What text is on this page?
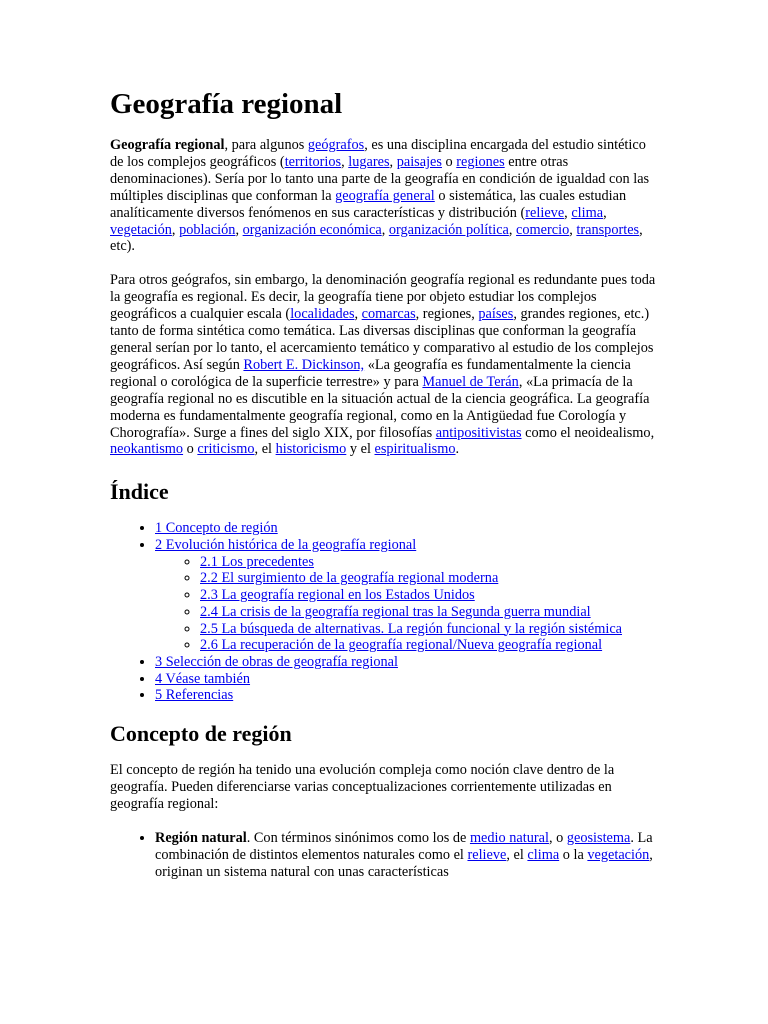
Geografía regional

Geografía regional, para algunos geógrafos, es una disciplina encargada del estudio sintético de los complejos geográficos (territorios, lugares, paisajes o regiones entre otras denominaciones). Sería por lo tanto una parte de la geografía en condición de igualdad con las múltiples disciplinas que conforman la geografía general o sistemática, las cuales estudian analíticamente diversos fenómenos en sus características y distribución (relieve, clima, vegetación, población, organización económica, organización política, comercio, transportes, etc).

Para otros geógrafos, sin embargo, la denominación geografía regional es redundante pues toda la geografía es regional. Es decir, la geografía tiene por objeto estudiar los complejos geográficos a cualquier escala (localidades, comarcas, regiones, países, grandes regiones, etc.) tanto de forma sintética como temática. Las diversas disciplinas que conforman la geografía general serían por lo tanto, el acercamiento temático y comparativo al estudio de los complejos geográficos. Así según Robert E. Dickinson, «La geografía es fundamentalmente la ciencia regional o corológica de la superficie terrestre» y para Manuel de Terán, «La primacía de la geografía regional no es discutible en la situación actual de la ciencia geográfica. La geografía moderna es fundamentalmente geografía regional, como en la Antigüedad fue Corología y Chorografía». Surge a fines del siglo XIX, por filosofías antipositivistas como el neoidealismo, neokantismo o criticismo, el historicismo y el espiritualismo.

Índice
• 1 Concepto de región
• 2 Evolución histórica de la geografía regional
◦ 2.1 Los precedentes
◦ 2.2 El surgimiento de la geografía regional moderna
◦ 2.3 La geografía regional en los Estados Unidos
◦ 2.4 La crisis de la geografía regional tras la Segunda guerra mundial
◦ 2.5 La búsqueda de alternativas. La región funcional y la región sistémica
◦ 2.6 La recuperación de la geografía regional/Nueva geografía regional
• 3 Selección de obras de geografía regional
• 4 Véase también
• 5 Referencias
Concepto de región

El concepto de región ha tenido una evolución compleja como noción clave dentro de la geografía. Pueden diferenciarse varias conceptualizaciones corrientemente utilizadas en geografía regional:

• Región natural. Con términos sinónimos como los de medio natural, o geosistema. La combinación de distintos elementos naturales como el relieve, el clima o la vegetación, originan un sistema natural con unas características
